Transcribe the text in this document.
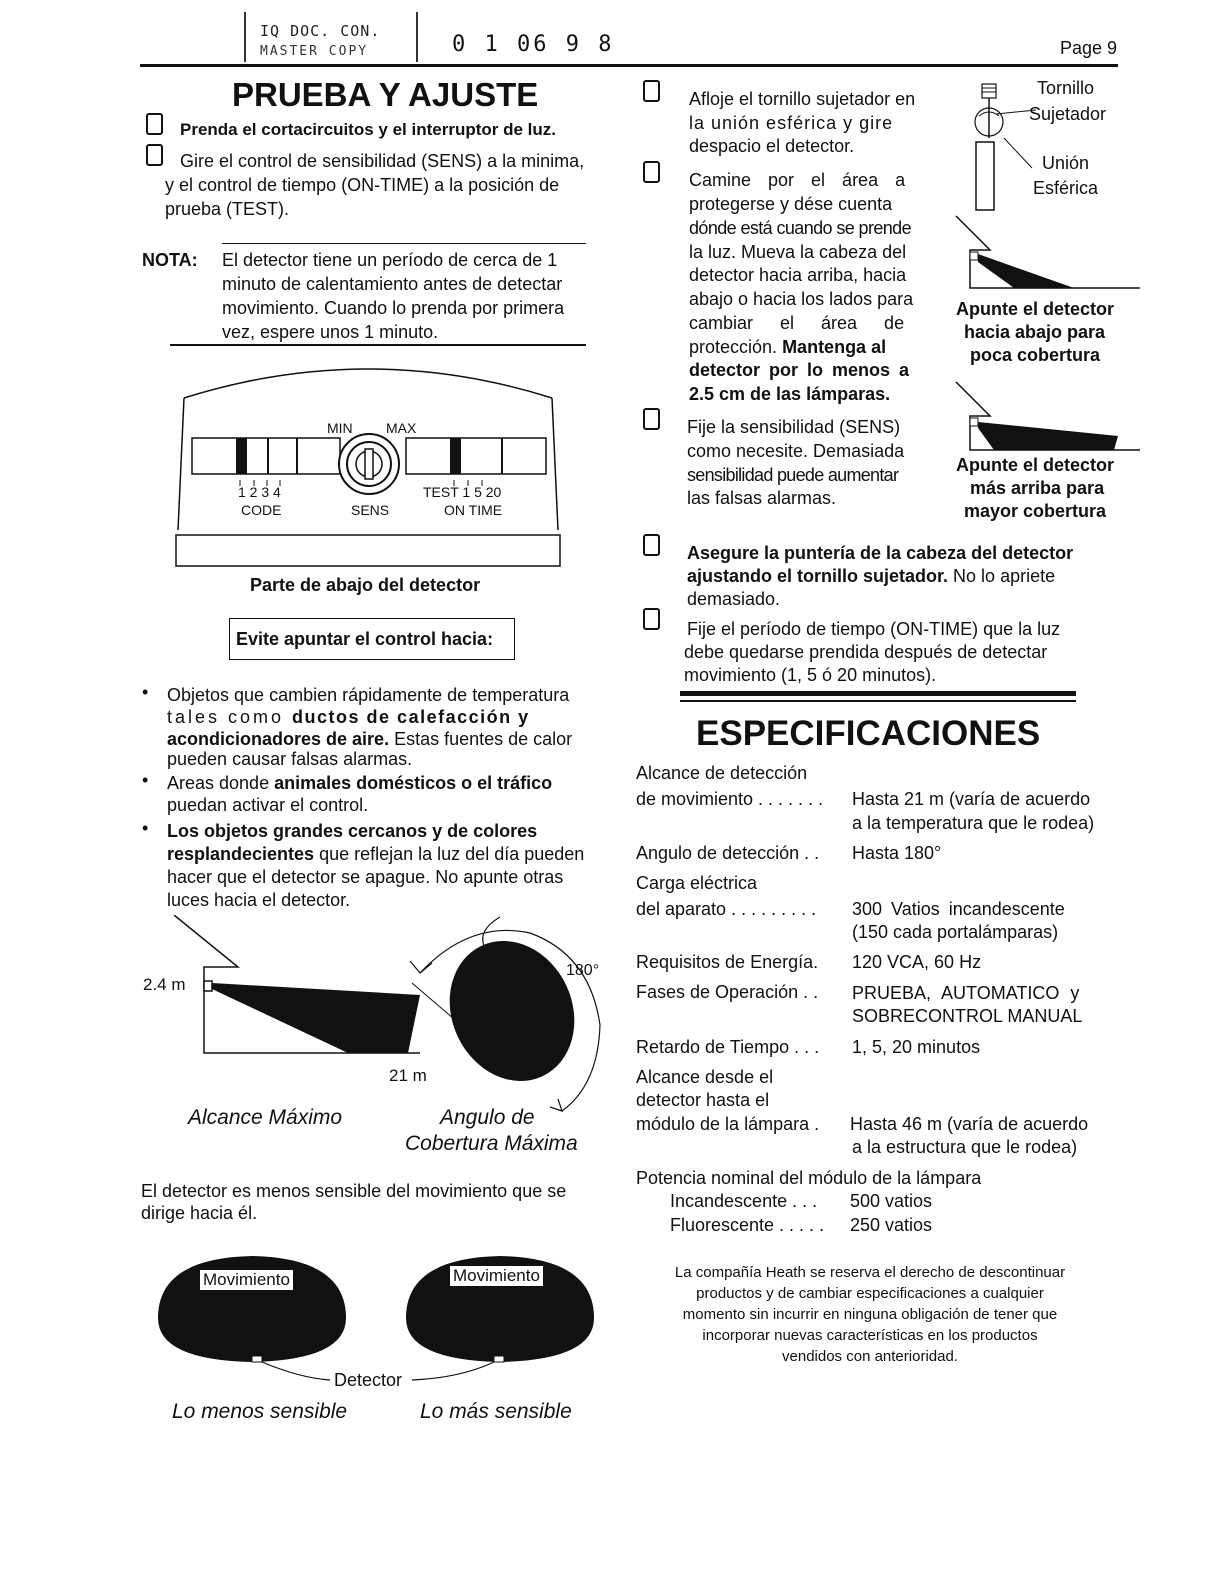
IQ DOC. CON.
MASTER COPY	0 1 06 9 8	Page 9
PRUEBA Y AJUSTE
Prenda el cortacircuitos y el interruptor de luz.
Gire el control de sensibilidad (SENS) a la minima,
y el control de tiempo (ON-TIME) a la posición de
prueba (TEST).
NOTA: El detector tiene un período de cerca de 1
minuto de calentamiento antes de detectar
movimiento. Cuando lo prenda por primera
vez, espere unos 1 minuto.
MIN MAX
1 2 3 4
CODE	SENS
TEST 1 5 20
ON TIME
Parte de abajo del detector
Evite apuntar el control hacia:
• Objetos que cambien rápidamente de temperatura
tales como ductos de calefacción y
acondicionadores de aire. Estas fuentes de calor
pueden causar falsas alarmas.
• Areas donde animales domésticos o el tráfico
puedan activar el control.
• Los objetos grandes cercanos y de colores
resplandecientes que reflejan la luz del día pueden
hacer que el detector se apague. No apunte otras
luces hacia el detector.
2.4 m
21 m
180°
Alcance Máximo	Angulo de
Cobertura Máxima
El detector es menos sensible del movimiento que se
dirige hacia él.
Movimiento	Movimiento
Detector
Lo menos sensible	Lo más sensible
Afloje el tornillo sujetador en
la unión esférica y gire
despacio el detector.
Tornillo
Sujetador
Unión
Esférica
Camine por el área a
protegerse y dése cuenta
dónde está cuando se prende
la luz. Mueva la cabeza del
detector hacia arriba, hacia
abajo o hacia los lados para
cambiar el área de
protección. Mantenga al
detector por lo menos a
2.5 cm de las lámparas.
Apunte el detector
hacia abajo para
poca cobertura
Fije la sensibilidad (SENS)
como necesite. Demasiada
sensibilidad puede aumentar
las falsas alarmas.
Apunte el detector
más arriba para
mayor cobertura
Asegure la puntería de la cabeza del detector
ajustando el tornillo sujetador. No lo apriete
demasiado.
Fije el período de tiempo (ON-TIME) que la luz
debe quedarse prendida después de detectar
movimiento (1, 5 ó 20 minutos).
ESPECIFICACIONES
Alcance de detección
de movimiento . . . . . . . Hasta 21 m (varía de acuerdo
a la temperatura que le rodea)
Angulo de detección . . Hasta 180°
Carga eléctrica
del aparato . . . . . . . . . 300 Vatios incandescente
(150 cada portalámparas)
Requisitos de Energía. 120 VCA, 60 Hz
Fases de Operación . . PRUEBA, AUTOMATICO y
SOBRECONTROL MANUAL
Retardo de Tiempo . . . 1, 5, 20 minutos
Alcance desde el
detector hasta el
módulo de la lámpara . Hasta 46 m (varía de acuerdo
a la estructura que le rodea)
Potencia nominal del módulo de la lámpara
Incandescente . . . 500 vatios
Fluorescente . . . . . 250 vatios
La compañía Heath se reserva el derecho de descontinuar
productos y de cambiar especificaciones a cualquier
momento sin incurrir en ninguna obligación de tener que
incorporar nuevas características en los productos
vendidos con anterioridad.
